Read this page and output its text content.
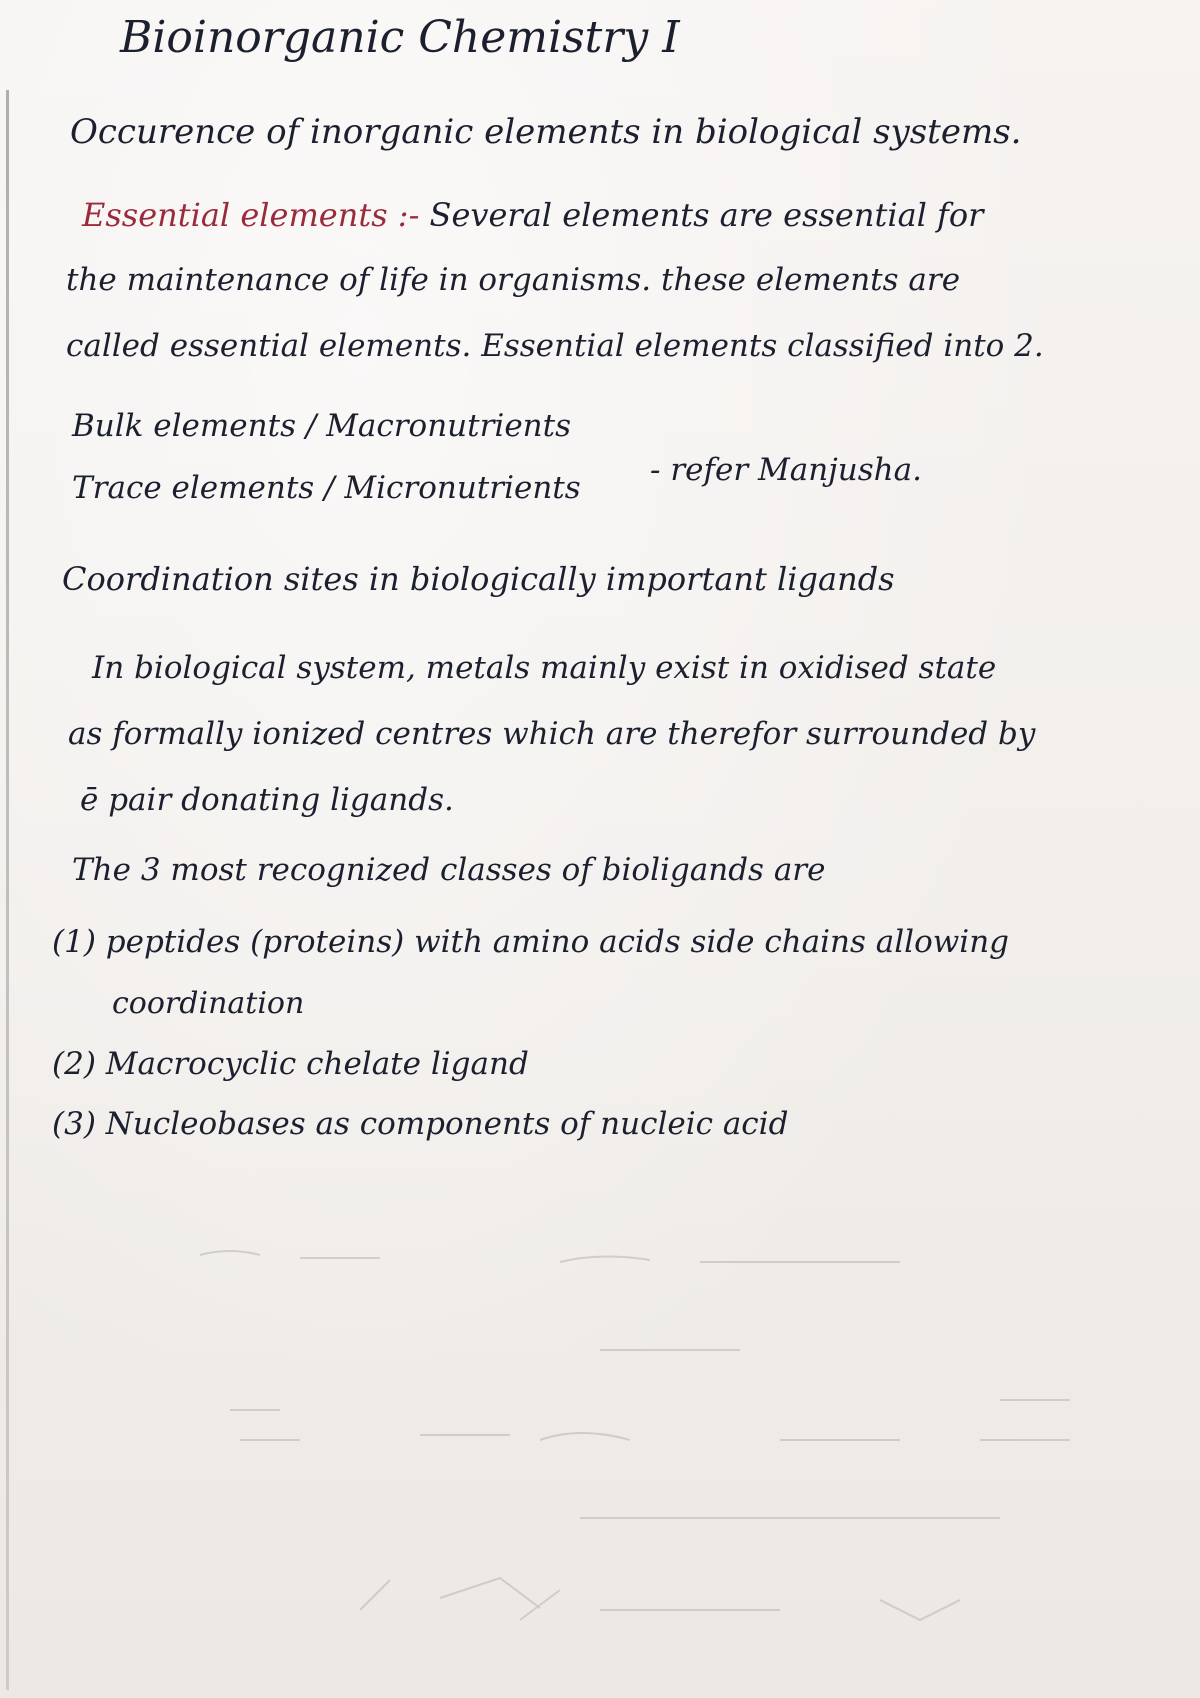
Bioinorganic Chemistry I
Occurence of inorganic elements in biological systems.
Essential elements :- Several elements are essential for
the maintenance of life in organisms. these elements are
called essential elements. Essential elements classified into 2.
Bulk elements / Macronutrients
Trace elements / Micronutrients - refer Manjusha.
Coordination sites in biologically important ligands
In biological system, metals mainly exist in oxidised state
as formally ionized centres which are therefor surrounded by
ē pair donating ligands.
The 3 most recognized classes of bioligands are
(1) peptides (proteins) with amino acids side chains allowing
coordination
(2) Macrocyclic chelate ligand
(3) Nucleobases as components of nucleic acid
